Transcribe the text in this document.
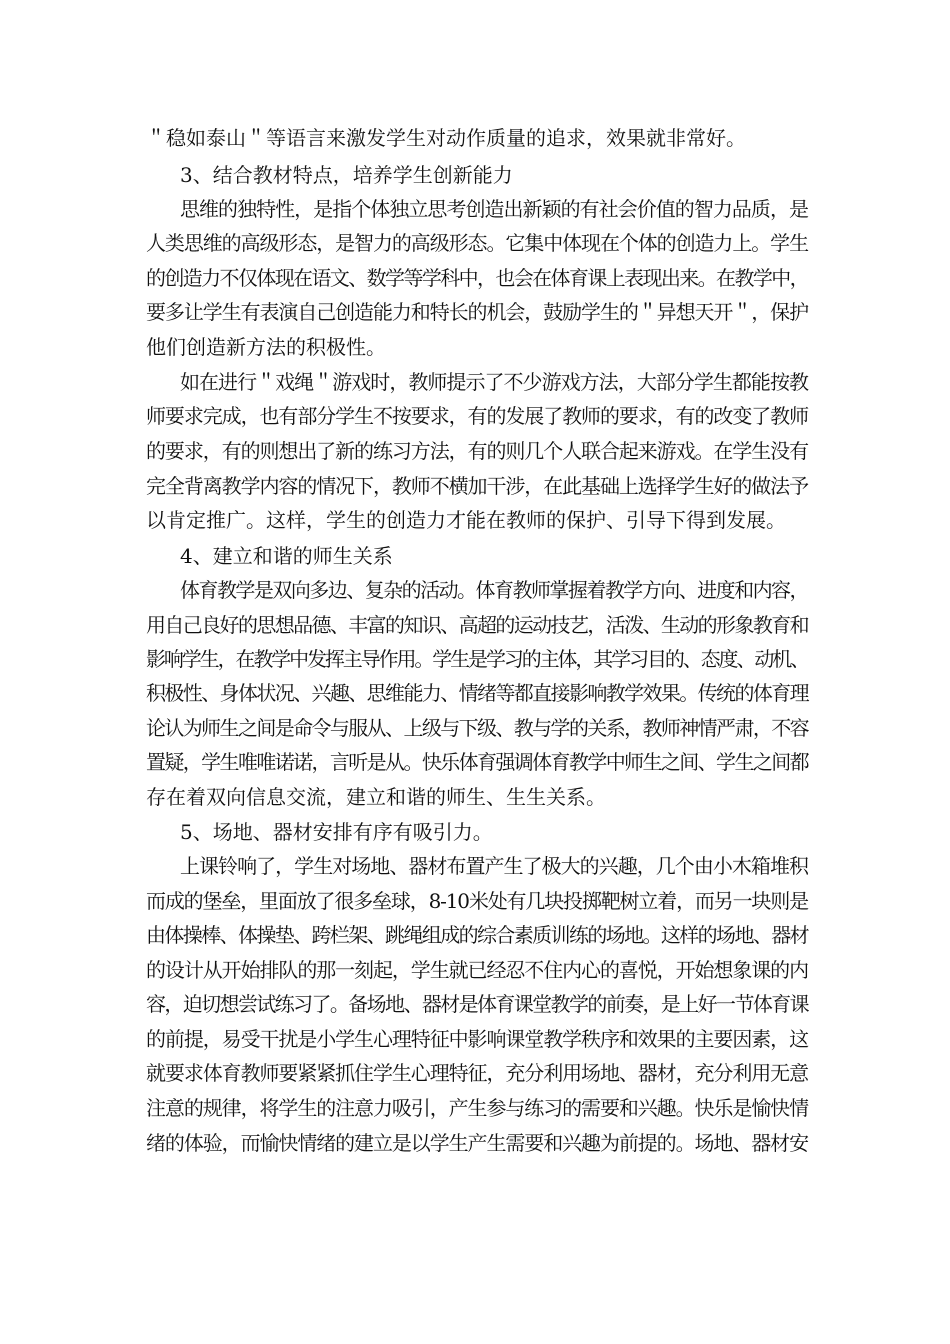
＂稳如泰山＂等语言来激发学生对动作质量的追求，效果就非常好。
3、结合教材特点，培养学生创新能力
思维的独特性，是指个体独立思考创造出新颖的有社会价值的智力品质，是
人类思维的高级形态，是智力的高级形态。它集中体现在个体的创造力上。学生
的创造力不仅体现在语文、数学等学科中，也会在体育课上表现出来。在教学中，
要多让学生有表演自己创造能力和特长的机会，鼓励学生的＂异想天开＂，保护
他们创造新方法的积极性。
如在进行＂戏绳＂游戏时，教师提示了不少游戏方法，大部分学生都能按教
师要求完成，也有部分学生不按要求，有的发展了教师的要求，有的改变了教师
的要求，有的则想出了新的练习方法，有的则几个人联合起来游戏。在学生没有
完全背离教学内容的情况下，教师不横加干涉，在此基础上选择学生好的做法予
以肯定推广。这样，学生的创造力才能在教师的保护、引导下得到发展。
4、建立和谐的师生关系
体育教学是双向多边、复杂的活动。体育教师掌握着教学方向、进度和内容，
用自己良好的思想品德、丰富的知识、高超的运动技艺，活泼、生动的形象教育和
影响学生，在教学中发挥主导作用。学生是学习的主体，其学习目的、态度、动机、
积极性、身体状况、兴趣、思维能力、情绪等都直接影响教学效果。传统的体育理
论认为师生之间是命令与服从、上级与下级、教与学的关系，教师神情严肃，不容
置疑，学生唯唯诺诺，言听是从。快乐体育强调体育教学中师生之间、学生之间都
存在着双向信息交流，建立和谐的师生、生生关系。
5、场地、器材安排有序有吸引力。
上课铃响了，学生对场地、器材布置产生了极大的兴趣，几个由小木箱堆积
而成的堡垒，里面放了很多垒球，8-10米处有几块投掷靶树立着，而另一块则是
由体操棒、体操垫、跨栏架、跳绳组成的综合素质训练的场地。这样的场地、器材
的设计从开始排队的那一刻起，学生就已经忍不住内心的喜悦，开始想象课的内
容，迫切想尝试练习了。备场地、器材是体育课堂教学的前奏，是上好一节体育课
的前提，易受干扰是小学生心理特征中影响课堂教学秩序和效果的主要因素，这
就要求体育教师要紧紧抓住学生心理特征，充分利用场地、器材，充分利用无意
注意的规律，将学生的注意力吸引，产生参与练习的需要和兴趣。快乐是愉快情
绪的体验，而愉快情绪的建立是以学生产生需要和兴趣为前提的。场地、器材安
